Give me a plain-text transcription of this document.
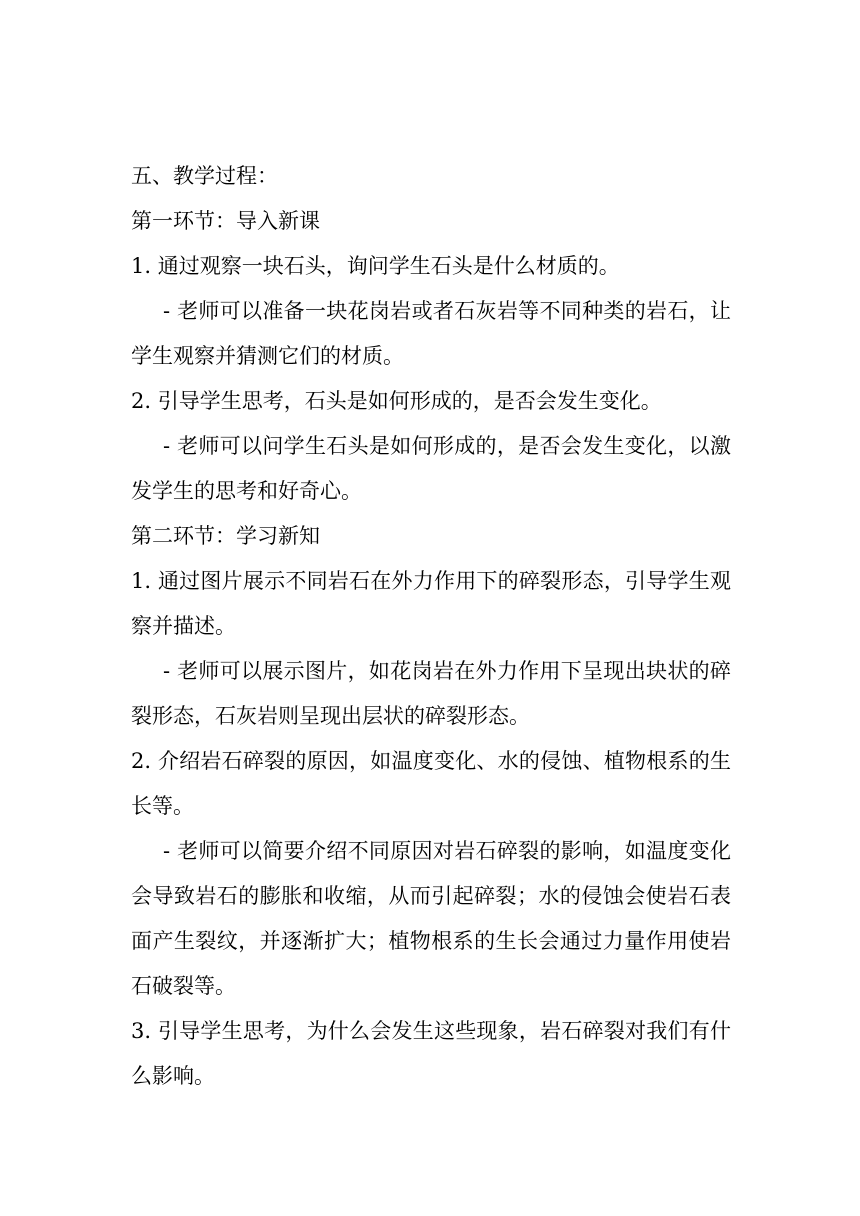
五、教学过程：

第一环节：导入新课

1. 通过观察一块石头，询问学生石头是什么材质的。

- 老师可以准备一块花岗岩或者石灰岩等不同种类的岩石，让学生观察并猜测它们的材质。

2. 引导学生思考，石头是如何形成的，是否会发生变化。

- 老师可以问学生石头是如何形成的，是否会发生变化，以激发学生的思考和好奇心。

第二环节：学习新知

1. 通过图片展示不同岩石在外力作用下的碎裂形态，引导学生观察并描述。

- 老师可以展示图片，如花岗岩在外力作用下呈现出块状的碎裂形态，石灰岩则呈现出层状的碎裂形态。

2. 介绍岩石碎裂的原因，如温度变化、水的侵蚀、植物根系的生长等。

- 老师可以简要介绍不同原因对岩石碎裂的影响，如温度变化会导致岩石的膨胀和收缩，从而引起碎裂；水的侵蚀会使岩石表面产生裂纹，并逐渐扩大；植物根系的生长会通过力量作用使岩石破裂等。

3. 引导学生思考，为什么会发生这些现象，岩石碎裂对我们有什么影响。
